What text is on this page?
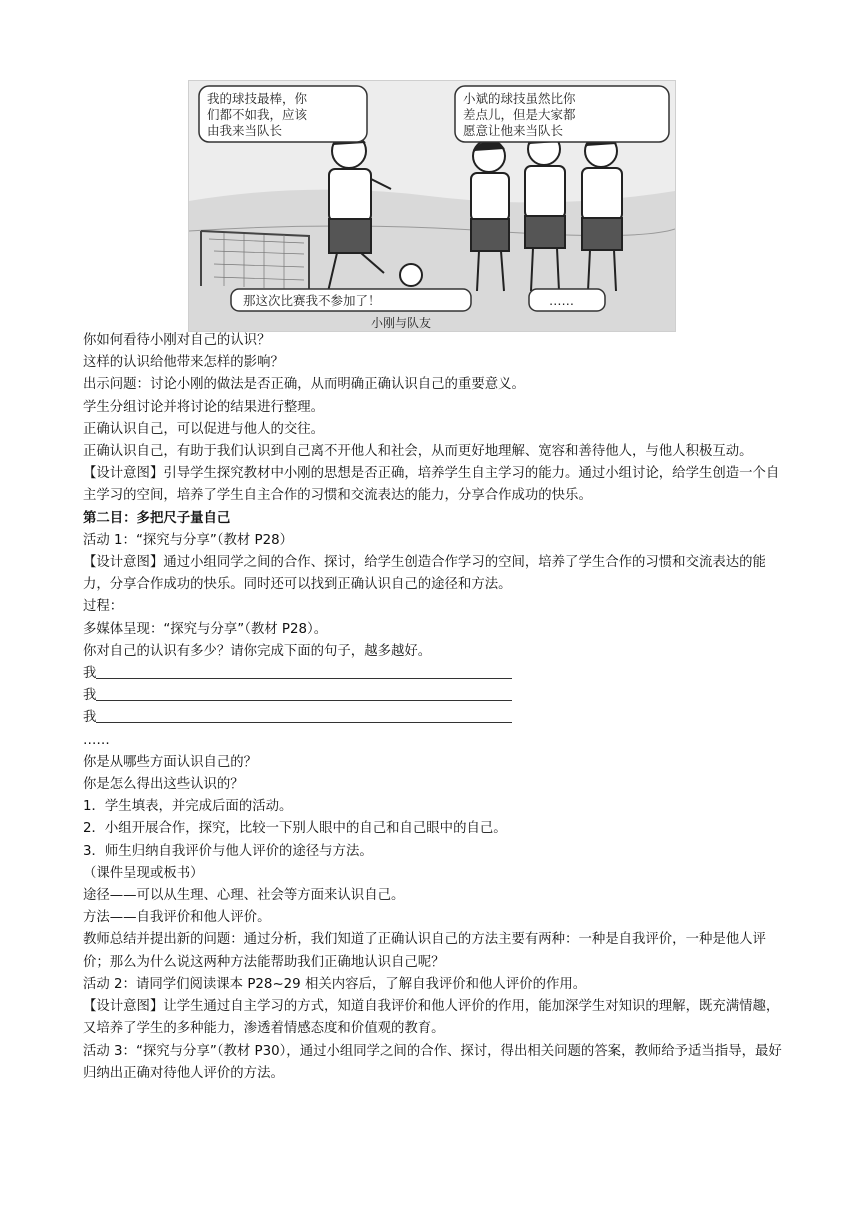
我的球技最棒，你
们都不如我，应该
由我来当队长
小斌的球技虽然比你
差点儿，但是大家都
愿意让他来当队长
那这次比赛我不参加了！	……
小刚与队友
你如何看待小刚对自己的认识？
这样的认识给他带来怎样的影响？
出示问题：讨论小刚的做法是否正确，从而明确正确认识自己的重要意义。
学生分组讨论并将讨论的结果进行整理。
正确认识自己，可以促进与他人的交往。
正确认识自己，有助于我们认识到自己离不开他人和社会，从而更好地理解、宽容和善待他人，与他人积极互动。
【设计意图】引导学生探究教材中小刚的思想是否正确，培养学生自主学习的能力。通过小组讨论，给学生创造一个自主学习的空间，培养了学生自主合作的习惯和交流表达的能力，分享合作成功的快乐。
第二目：多把尺子量自己
活动 1：“探究与分享”（教材 P28）
【设计意图】通过小组同学之间的合作、探讨，给学生创造合作学习的空间，培养了学生合作的习惯和交流表达的能力，分享合作成功的快乐。同时还可以找到正确认识自己的途径和方法。
过程：
多媒体呈现：“探究与分享”（教材 P28）。
你对自己的认识有多少？请你完成下面的句子，越多越好。
我
我
我
……
你是从哪些方面认识自己的？
你是怎么得出这些认识的？
1．学生填表，并完成后面的活动。
2．小组开展合作，探究，比较一下别人眼中的自己和自己眼中的自己。
3．师生归纳自我评价与他人评价的途径与方法。
（课件呈现或板书）
途径——可以从生理、心理、社会等方面来认识自己。
方法——自我评价和他人评价。
教师总结并提出新的问题：通过分析，我们知道了正确认识自己的方法主要有两种：一种是自我评价，一种是他人评价；那么为什么说这两种方法能帮助我们正确地认识自己呢？
活动 2：请同学们阅读课本 P28~29 相关内容后，了解自我评价和他人评价的作用。
【设计意图】让学生通过自主学习的方式，知道自我评价和他人评价的作用，能加深学生对知识的理解，既充满情趣，又培养了学生的多种能力，渗透着情感态度和价值观的教育。
活动 3：“探究与分享”（教材 P30），通过小组同学之间的合作、探讨，得出相关问题的答案，教师给予适当指导，最好归纳出正确对待他人评价的方法。
